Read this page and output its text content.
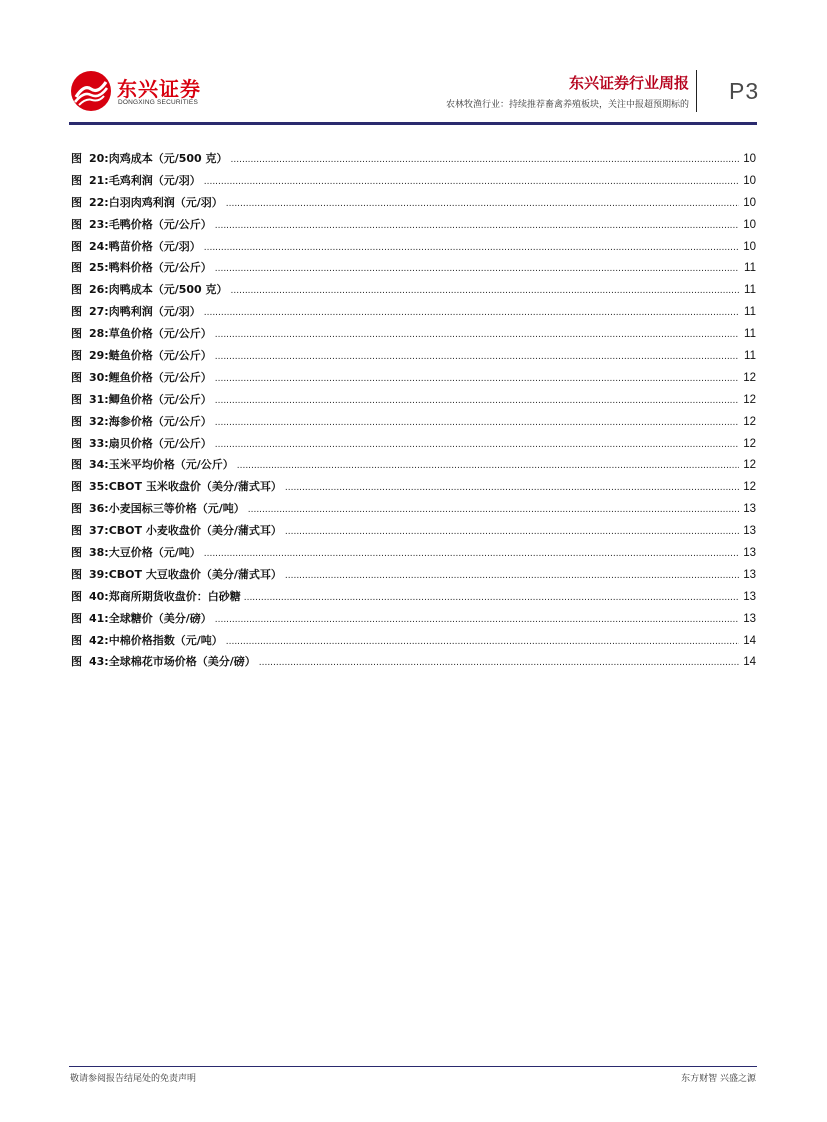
东兴证券
DONGXING SECURITIES
东兴证券行业周报
农林牧渔行业：持续推荐畜禽养殖板块，关注中报超预期标的
P3
图 20:肉鸡成本（元/500 克） .....	10
图 21:毛鸡利润（元/羽） .....	10
图 22:白羽肉鸡利润（元/羽） .....	10
图 23:毛鸭价格（元/公斤） .....	10
图 24:鸭苗价格（元/羽） .....	10
图 25:鸭料价格（元/公斤） .....	11
图 26:肉鸭成本（元/500 克） .....	11
图 27:肉鸭利润（元/羽） .....	11
图 28:草鱼价格（元/公斤） .....	11
图 29:鲢鱼价格（元/公斤） .....	11
图 30:鲤鱼价格（元/公斤） .....	12
图 31:鲫鱼价格（元/公斤） .....	12
图 32:海参价格（元/公斤） .....	12
图 33:扇贝价格（元/公斤） .....	12
图 34:玉米平均价格（元/公斤） .....	12
图 35:CBOT 玉米收盘价（美分/蒲式耳） .....	12
图 36:小麦国标三等价格（元/吨） .....	13
图 37:CBOT 小麦收盘价（美分/蒲式耳） .....	13
图 38:大豆价格（元/吨） .....	13
图 39:CBOT 大豆收盘价（美分/蒲式耳） .....	13
图 40:郑商所期货收盘价：白砂糖 .....	13
图 41:全球糖价（美分/磅） .....	13
图 42:中棉价格指数（元/吨） .....	14
图 43:全球棉花市场价格（美分/磅） .....	14
敬请参阅报告结尾处的免责声明	东方财智 兴盛之源
